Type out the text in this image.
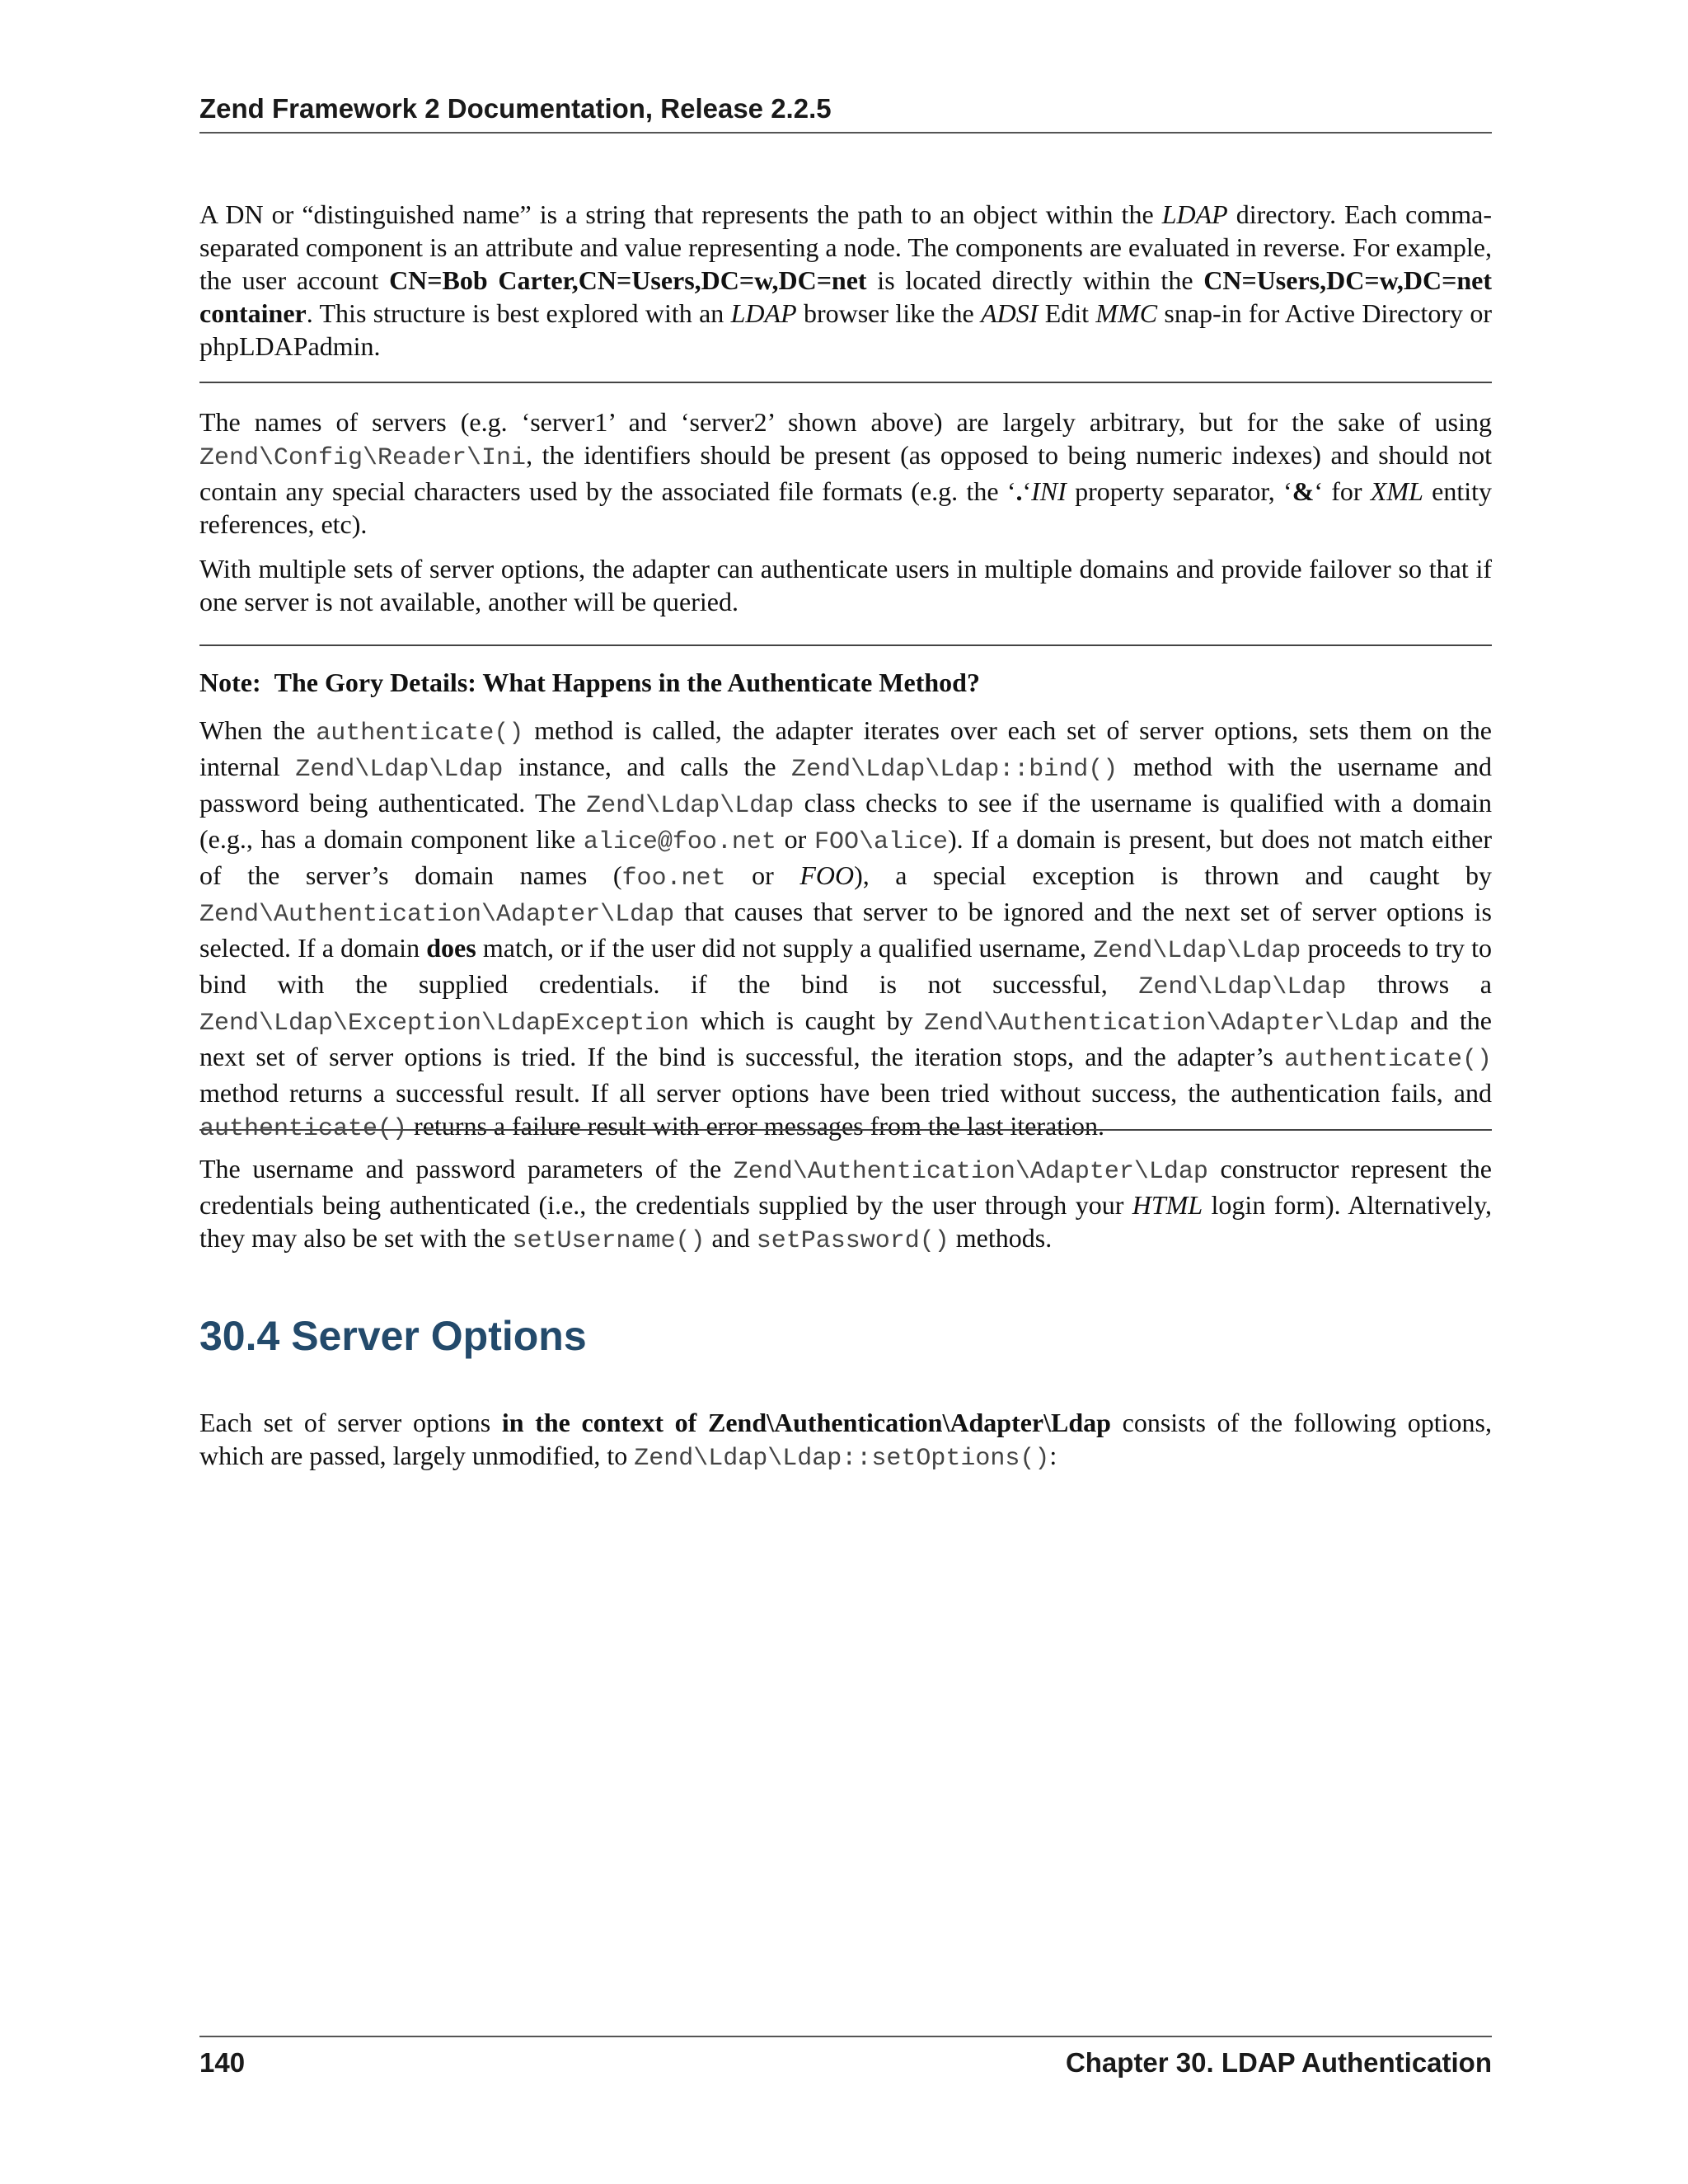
Zend Framework 2 Documentation, Release 2.2.5

A DN or “distinguished name” is a string that represents the path to an object within the LDAP directory. Each comma-separated component is an attribute and value representing a node. The components are evaluated in reverse. For example, the user account CN=Bob Carter,CN=Users,DC=w,DC=net is located directly within the CN=Users,DC=w,DC=net container. This structure is best explored with an LDAP browser like the ADSI Edit MMC snap-in for Active Directory or phpLDAPadmin.

The names of servers (e.g. ‘server1’ and ‘server2’ shown above) are largely arbitrary, but for the sake of using Zend\Config\Reader\Ini, the identifiers should be present (as opposed to being numeric indexes) and should not contain any special characters used by the associated file formats (e.g. the ‘.‘INI property separator, ‘&‘ for XML entity references, etc).

With multiple sets of server options, the adapter can authenticate users in multiple domains and provide failover so that if one server is not available, another will be queried.

Note: The Gory Details: What Happens in the Authenticate Method?

When the authenticate() method is called, the adapter iterates over each set of server options, sets them on the internal Zend\Ldap\Ldap instance, and calls the Zend\Ldap\Ldap::bind() method with the username and password being authenticated. The Zend\Ldap\Ldap class checks to see if the username is qualified with a domain (e.g., has a domain component like alice@foo.net or FOO\alice). If a domain is present, but does not match either of the server’s domain names (foo.net or FOO), a special exception is thrown and caught by Zend\Authentication\Adapter\Ldap that causes that server to be ignored and the next set of server options is selected. If a domain does match, or if the user did not supply a qualified username, Zend\Ldap\Ldap proceeds to try to bind with the supplied credentials. if the bind is not successful, Zend\Ldap\Ldap throws a Zend\Ldap\Exception\LdapException which is caught by Zend\Authentication\Adapter\Ldap and the next set of server options is tried. If the bind is successful, the iteration stops, and the adapter’s authenticate() method returns a successful result. If all server options have been tried without success, the authentication fails, and authenticate() returns a failure result with error messages from the last iteration.

The username and password parameters of the Zend\Authentication\Adapter\Ldap constructor represent the credentials being authenticated (i.e., the credentials supplied by the user through your HTML login form). Alternatively, they may also be set with the setUsername() and setPassword() methods.

30.4 Server Options

Each set of server options in the context of Zend\Authentication\Adapter\Ldap consists of the following options, which are passed, largely unmodified, to Zend\Ldap\Ldap::setOptions():

140	Chapter 30. LDAP Authentication
